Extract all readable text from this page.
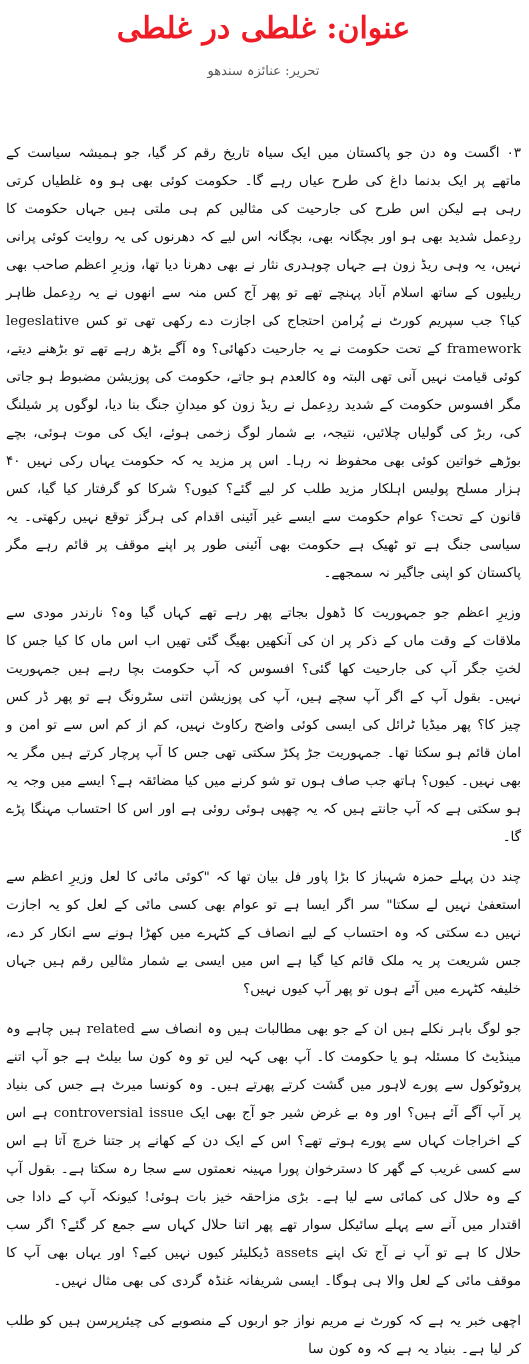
عنوان: غلطی در غلطی
تحریر: عنائزہ سندھو

۰۳ اگست وہ دن جو پاکستان میں ایک سیاہ تاریخ رقم کر گیا، جو ہمیشہ سیاست کے ماتھے پر ایک بدنما داغ کی طرح عیاں رہے گا۔ حکومت کوئی بھی ہو وہ غلطیاں کرتی رہی ہے لیکن اس طرح کی جارحیت کی مثالیں کم ہی ملتی ہیں جہاں حکومت کا ردِعمل شدید بھی ہو اور بچگانہ بھی، بچگانہ اس لیے کہ دھرنوں کی یہ روایت کوئی پرانی نہیں، یہ وہی ریڈ زون ہے جہاں چوہدری نثار نے بھی دھرنا دیا تھا، وزیرِ اعظم صاحب بھی ریلیوں کے ساتھ اسلام آباد پہنچے تھے تو پھر آج کس منہ سے انھوں نے یہ ردِعمل ظاہر کیا؟ جب سپریم کورٹ نے پُرامن احتجاج کی اجازت دے رکھی تھی تو کس legeslative framework کے تحت حکومت نے یہ جارحیت دکھائی؟ وہ آگے بڑھ رہے تھے تو بڑھنے دیتے، کوئی قیامت نہیں آنی تھی البتہ وہ کالعدم ہو جاتے، حکومت کی پوزیشن مضبوط ہو جاتی مگر افسوس حکومت کے شدید ردِعمل نے ریڈ زون کو میدانِ جنگ بنا دیا، لوگوں پر شیلنگ کی، ربڑ کی گولیاں چلائیں، نتیجہ، بے شمار لوگ زخمی ہوئے، ایک کی موت ہوئی، بچے بوڑھے خواتین کوئی بھی محفوظ نہ رہا۔ اس پر مزید یہ کہ حکومت یہاں رکی نہیں ۴۰ ہزار مسلح پولیس اہلکار مزید طلب کر لیے گئے؟ کیوں؟ شرکا کو گرفتار کیا گیا، کس قانون کے تحت؟ عوام حکومت سے ایسے غیر آئینی اقدام کی ہرگز توقع نہیں رکھتی۔ یہ سیاسی جنگ ہے تو ٹھیک ہے حکومت بھی آئینی طور پر اپنے موقف پر قائم رہے مگر پاکستان کو اپنی جاگیر نہ سمجھے۔

وزیرِ اعظم جو جمہوریت کا ڈھول بجاتے پھر رہے تھے کہاں گیا وہ؟ نارندر مودی سے ملاقات کے وقت ماں کے ذکر پر ان کی آنکھیں بھیگ گئی تھیں اب اس ماں کا کیا جس کا لختِ جگر آپ کی جارحیت کھا گئی؟ افسوس کہ آپ حکومت بچا رہے ہیں جمہوریت نہیں۔ بقول آپ کے اگر آپ سچے ہیں، آپ کی پوزیشن اتنی سٹرونگ ہے تو پھر ڈر کس چیز کا؟ پھر میڈیا ٹرائل کی ایسی کوئی واضح رکاوٹ نہیں، کم از کم اس سے تو امن و امان قائم ہو سکتا تھا۔ جمہوریت جڑ پکڑ سکتی تھی جس کا آپ پرچار کرتے ہیں مگر یہ بھی نہیں۔ کیوں؟ ہاتھ جب صاف ہوں تو شو کرنے میں کیا مضائقہ ہے؟ ایسے میں وجہ یہ ہو سکتی ہے کہ آپ جانتے ہیں کہ یہ چھپی ہوئی روئی ہے اور اس کا احتساب مہنگا پڑے گا۔

چند دن پہلے حمزہ شہباز کا بڑا پاور فل بیان تھا کہ "کوئی مائی کا لعل وزیرِ اعظم سے استعفیٰ نہیں لے سکتا" سر اگر ایسا ہے تو عوام بھی کسی مائی کے لعل کو یہ اجازت نہیں دے سکتی کہ وہ احتساب کے لیے انصاف کے کٹہرے میں کھڑا ہونے سے انکار کر دے، جس شریعت پر یہ ملک قائم کیا گیا ہے اس میں ایسی بے شمار مثالیں رقم ہیں جہاں خلیفہ کٹہرے میں آئے ہوں تو پھر آپ کیوں نہیں؟

جو لوگ باہر نکلے ہیں ان کے جو بھی مطالبات ہیں وہ انصاف سے related ہیں چاہے وہ مینڈیٹ کا مسئلہ ہو یا حکومت کا۔ آپ بھی کہہ لیں تو وہ کون سا بیلٹ ہے جو آپ اتنے پروٹوکول سے پورے لاہور میں گشت کرتے پھرتے ہیں۔ وہ کونسا میرٹ ہے جس کی بنیاد پر آپ آگے آئے ہیں؟ اور وہ بے غرض شیر جو آج بھی ایک controversial issue ہے اس کے اخراجات کہاں سے پورے ہوتے تھے؟ اس کے ایک دن کے کھانے پر جتنا خرچ آتا ہے اس سے کسی غریب کے گھر کا دسترخوان پورا مہینہ نعمتوں سے سجا رہ سکتا ہے۔ بقول آپ کے وہ حلال کی کمائی سے لیا ہے۔ بڑی مزاحقہ خیز بات ہوئی! کیونکہ آپ کے دادا جی اقتدار میں آنے سے پہلے سائیکل سوار تھے پھر اتنا حلال کہاں سے جمع کر گئے؟ اگر سب حلال کا ہے تو آپ نے آج تک اپنے assets ڈیکلیئر کیوں نہیں کیے؟ اور یہاں بھی آپ کا موقف مائی کے لعل والا ہی ہوگا۔ ایسی شریفانہ غنڈہ گردی کی بھی مثال نہیں۔

اچھی خبر یہ ہے کہ کورٹ نے مریم نواز جو اربوں کے منصوبے کی چیئرپرسن ہیں کو طلب کر لیا ہے۔ بنیاد یہ ہے کہ وہ کون سا
